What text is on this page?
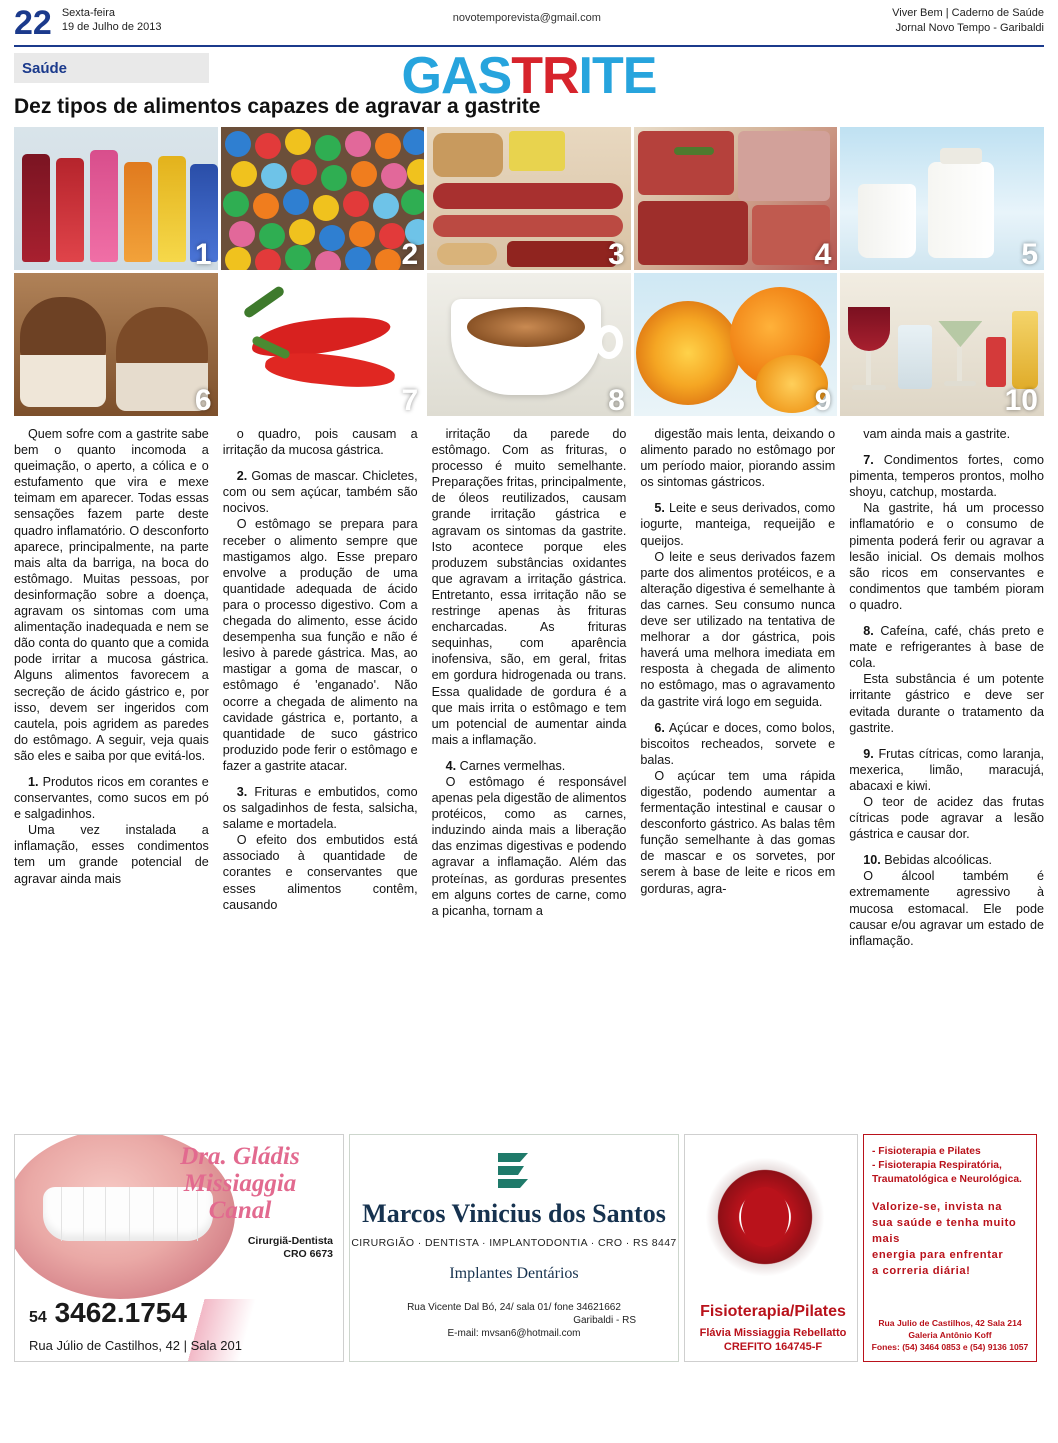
22 Sexta-feira
19 de Julho de 2013
novotemporevista@gmail.com	Viver Bem | Caderno de Saúde
Jornal Novo Tempo - Garibaldi
Saúde	GASTRITE
Dez tipos de alimentos capazes de agravar a gastrite
1	2	3	4	5
6	7	8	9	10

Quem sofre com a gastrite sabe bem o quanto incomoda a queimação, o aperto, a cólica e o estufamento que vira e mexe teimam em aparecer. Todas essas sensações fazem parte deste quadro inflamatório. O desconforto aparece, principalmente, na parte mais alta da barriga, na boca do estômago. Muitas pessoas, por desinformação sobre a doença, agravam os sintomas com uma alimentação inadequada e nem se dão conta do quanto que a comida pode irritar a mucosa gástrica. Alguns alimentos favorecem a secreção de ácido gástrico e, por isso, devem ser ingeridos com cautela, pois agridem as paredes do estômago. A seguir, veja quais são eles e saiba por que evitá-los.

1. Produtos ricos em corantes e conservantes, como sucos em pó e salgadinhos.

Uma vez instalada a inflamação, esses condimentos tem um grande potencial de agravar ainda mais

o quadro, pois causam a irritação da mucosa gástrica.

2. Gomas de mascar. Chicletes, com ou sem açúcar, também são nocivos.

O estômago se prepara para receber o alimento sempre que mastigamos algo. Esse preparo envolve a produção de uma quantidade adequada de ácido para o processo digestivo. Com a chegada do alimento, esse ácido desempenha sua função e não é lesivo à parede gástrica. Mas, ao mastigar a goma de mascar, o estômago é 'enganado'. Não ocorre a chegada de alimento na cavidade gástrica e, portanto, a quantidade de suco gástrico produzido pode ferir o estômago e fazer a gastrite atacar.

3. Frituras e embutidos, como os salgadinhos de festa, salsicha, salame e mortadela.

O efeito dos embutidos está associado à quantidade de corantes e conservantes que esses alimentos contêm, causando

irritação da parede do estômago. Com as frituras, o processo é muito semelhante. Preparações fritas, principalmente, de óleos reutilizados, causam grande irritação gástrica e agravam os sintomas da gastrite. Isto acontece porque eles produzem substâncias oxidantes que agravam a irritação gástrica. Entretanto, essa irritação não se restringe apenas às frituras encharcadas. As frituras sequinhas, com aparência inofensiva, são, em geral, fritas em gordura hidrogenada ou trans. Essa qualidade de gordura é a que mais irrita o estômago e tem um potencial de aumentar ainda mais a inflamação.

4. Carnes vermelhas.

O estômago é responsável apenas pela digestão de alimentos protéicos, como as carnes, induzindo ainda mais a liberação das enzimas digestivas e podendo agravar a inflamação. Além das proteínas, as gorduras presentes em alguns cortes de carne, como a picanha, tornam a

digestão mais lenta, deixando o alimento parado no estômago por um período maior, piorando assim os sintomas gástricos.

5. Leite e seus derivados, como iogurte, manteiga, requeijão e queijos.

O leite e seus derivados fazem parte dos alimentos protéicos, e a alteração digestiva é semelhante à das carnes. Seu consumo nunca deve ser utilizado na tentativa de melhorar a dor gástrica, pois haverá uma melhora imediata em resposta à chegada de alimento no estômago, mas o agravamento da gastrite virá logo em seguida.

6. Açúcar e doces, como bolos, biscoitos recheados, sorvete e balas.

O açúcar tem uma rápida digestão, podendo aumentar a fermentação intestinal e causar o desconforto gástrico. As balas têm função semelhante à das gomas de mascar e os sorvetes, por serem à base de leite e ricos em gorduras, agra-

vam ainda mais a gastrite.

7. Condimentos fortes, como pimenta, temperos prontos, molho shoyu, catchup, mostarda.

Na gastrite, há um processo inflamatório e o consumo de pimenta poderá ferir ou agravar a lesão inicial. Os demais molhos são ricos em conservantes e condimentos que também pioram o quadro.

8. Cafeína, café, chás preto e mate e refrigerantes à base de cola.

Esta substância é um potente irritante gástrico e deve ser evitada durante o tratamento da gastrite.

9. Frutas cítricas, como laranja, mexerica, limão, maracujá, abacaxi e kiwi.

O teor de acidez das frutas cítricas pode agravar a lesão gástrica e causar dor.

10. Bebidas alcoólicas.

O álcool também é extremamente agressivo à mucosa estomacal. Ele pode causar e/ou agravar um estado de inflamação.

Dra. Gládis
Missiaggia
Canal
Cirurgiã-Dentista
CRO 6673
54 3462.1754
Rua Júlio de Castilhos, 42 | Sala 201
Marcos Vinicius dos Santos
CIRURGIÃO · DENTISTA · IMPLANTODONTIA · CRO · RS 8447
Implantes Dentários
Rua Vicente Dal Bó, 24/ sala 01/ fone 34621662
Garibaldi - RS
E-mail: mvsan6@hotmail.com
Fisioterapia/Pilates
Flávia Missiaggia Rebellatto
CREFITO 164745-F
- Fisioterapia e Pilates
- Fisioterapia Respiratória,
Traumatológica e Neurológica.
Valorize-se, invista na
sua saúde e tenha muito mais
energia para enfrentar
a correria diária!
Rua Julio de Castilhos, 42 Sala 214
Galeria Antônio Koff
Fones: (54) 3464 0853 e (54) 9136 1057
